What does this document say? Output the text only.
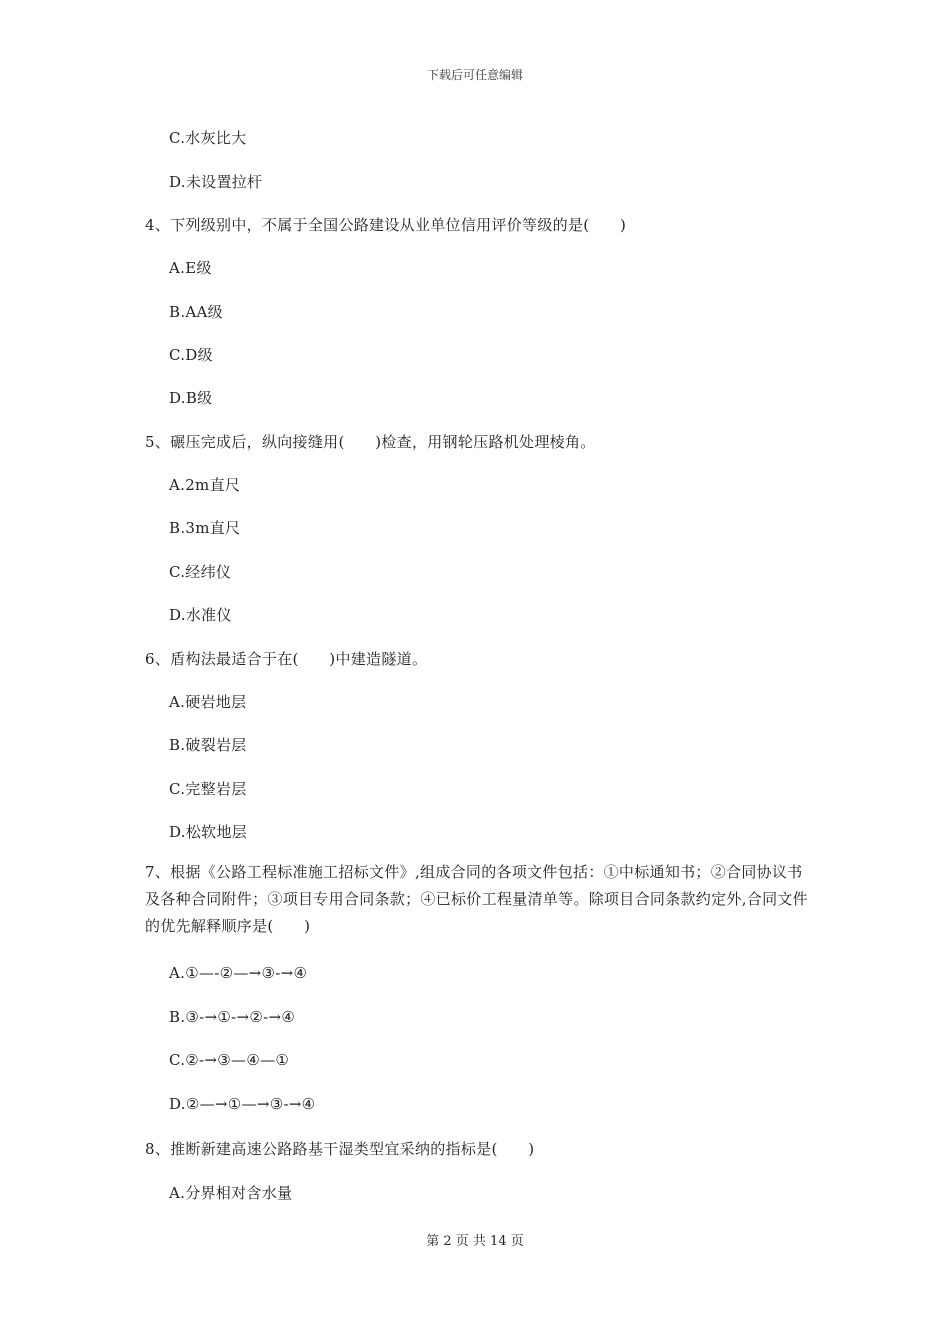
下载后可任意编辑
C.水灰比大
D.未设置拉杆
4、下列级别中，不属于全国公路建设从业单位信用评价等级的是(　　)
A.E级
B.AA级
C.D级
D.B级
5、碾压完成后，纵向接缝用(　　)检查，用钢轮压路机处理棱角。
A.2m直尺
B.3m直尺
C.经纬仪
D.水准仪
6、盾构法最适合于在(　　)中建造隧道。
A.硬岩地层
B.破裂岩层
C.完整岩层
D.松软地层
7、根据《公路工程标准施工招标文件》,组成合同的各项文件包括：①中标通知书；②合同协议书及各种合同附件；③项目专用合同条款；④已标价工程量清单等。除项目合同条款约定外,合同文件的优先解释顺序是(　　)
A.①—-②—→③-→④
B.③-→①-→②-→④
C.②-→③—④—①
D.②—→①—→③-→④
8、推断新建高速公路路基干湿类型宜采纳的指标是(　　)
A.分界相对含水量
第 2 页 共 14 页
